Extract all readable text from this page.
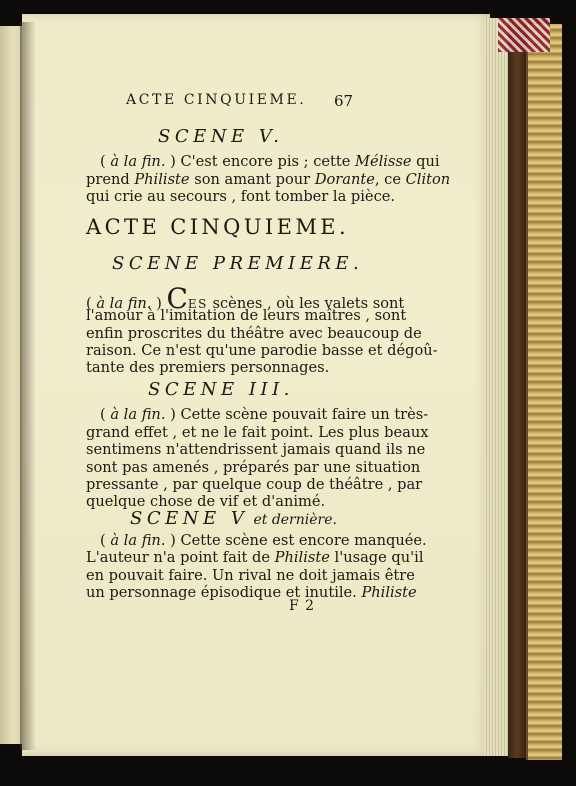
ACTE CINQUIEME. 67
SCENE V.
( à la fin. ) C'est encore pis ; cette Mélisse qui
prend Philiste son amant pour Dorante, ce Cliton
qui crie au secours , font tomber la pièce.
ACTE CINQUIEME.
SCENE PREMIERE.
( à la fin. ) CES scènes , où les valets sont
l'amour à l'imitation de leurs maîtres , sont
enfin proscrites du théâtre avec beaucoup de
raison. Ce n'est qu'une parodie basse et dégoû-
tante des premiers personnages.
SCENE III.
( à la fin. ) Cette scène pouvait faire un très-
grand effet , et ne le fait point. Les plus beaux
sentimens n'attendrissent jamais quand ils ne
sont pas amenés , préparés par une situation
pressante , par quelque coup de théâtre , par
quelque chose de vif et d'animé.
SCENE V et dernière.
( à la fin. ) Cette scène est encore manquée.
L'auteur n'a point fait de Philiste l'usage qu'il
en pouvait faire. Un rival ne doit jamais être
un personnage épisodique et inutile. Philiste
F 2
